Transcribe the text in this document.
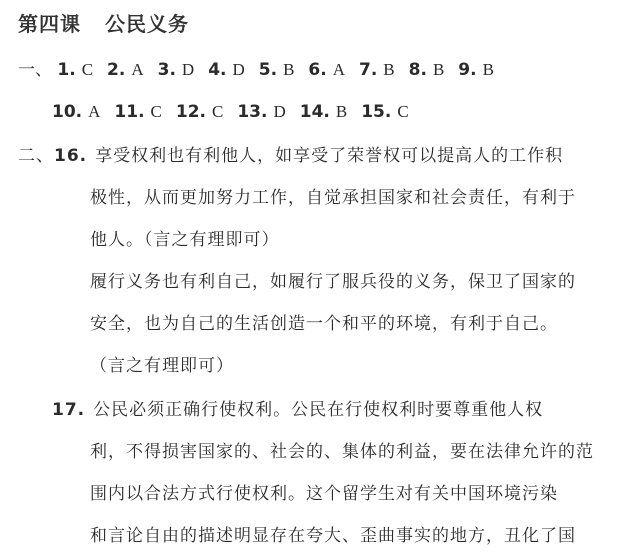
第四课 公民义务
一、 1. C 2. A 3. D 4. D 5. B 6. A 7. B 8. B 9. B
10. A 11. C 12. C 13. D 14. B 15. C
二、16. 享受权利也有利他人，如享受了荣誉权可以提高人的工作积
极性，从而更加努力工作，自觉承担国家和社会责任，有利于
他人。（言之有理即可）
履行义务也有利自己，如履行了服兵役的义务，保卫了国家的
安全，也为自己的生活创造一个和平的环境，有利于自己。
（言之有理即可）
17. 公民必须正确行使权利。公民在行使权利时要尊重他人权
利，不得损害国家的、社会的、集体的利益，要在法律允许的范
围内以合法方式行使权利。这个留学生对有关中国环境污染
和言论自由的描述明显存在夸大、歪曲事实的地方，丑化了国
